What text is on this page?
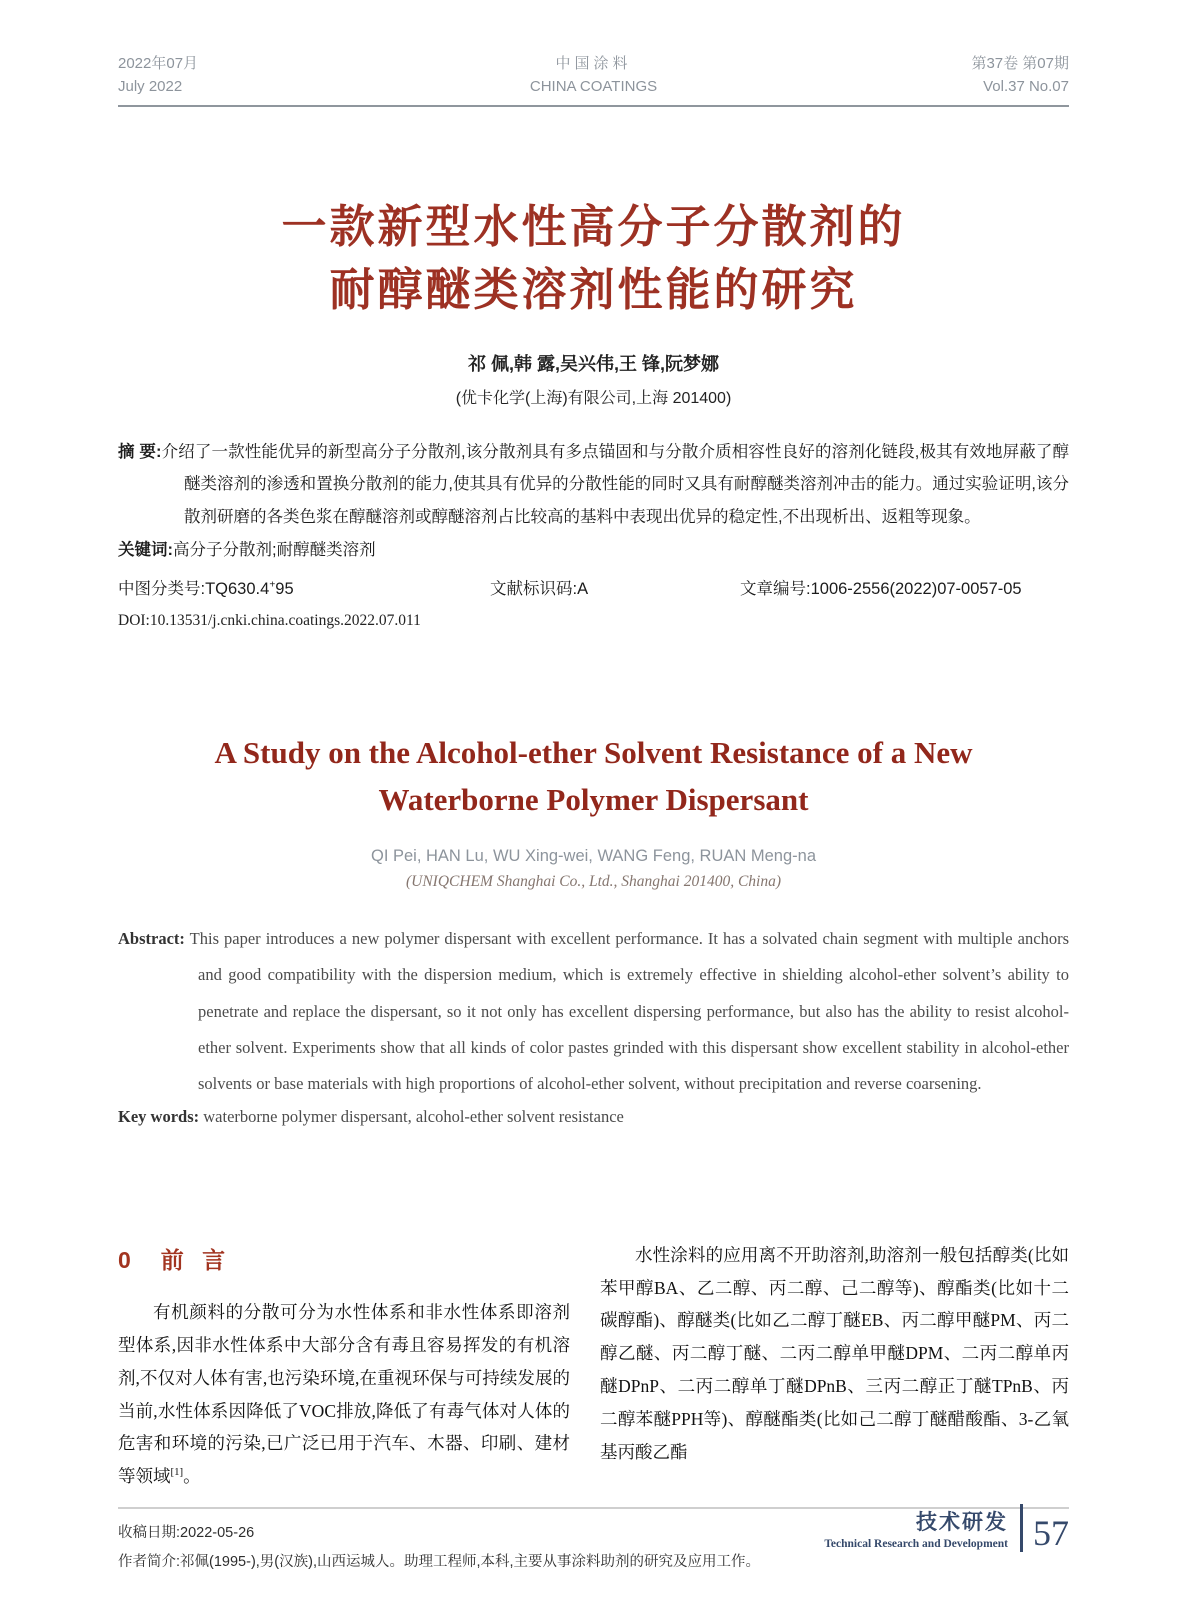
2022年07月
July 2022
中国涂料
CHINA COATINGS
第37卷 第07期
Vol.37 No.07
一款新型水性高分子分散剂的
耐醇醚类溶剂性能的研究
祁 佩,韩 露,吴兴伟,王 锋,阮梦娜
(优卡化学(上海)有限公司,上海 201400)

摘 要:介绍了一款性能优异的新型高分子分散剂,该分散剂具有多点锚固和与分散介质相容性良好的溶剂化链段,极其有效地屏蔽了醇醚类溶剂的渗透和置换分散剂的能力,使其具有优异的分散性能的同时又具有耐醇醚类溶剂冲击的能力。通过实验证明,该分散剂研磨的各类色浆在醇醚溶剂或醇醚溶剂占比较高的基料中表现出优异的稳定性,不出现析出、返粗等现象。

关键词:高分子分散剂;耐醇醚类溶剂

中图分类号:TQ630.4+95	文献标识码:A	文章编号:1006-2556(2022)07-0057-05
DOI:10.13531/j.cnki.china.coatings.2022.07.011
A Study on the Alcohol-ether Solvent Resistance of a New
Waterborne Polymer Dispersant
QI Pei, HAN Lu, WU Xing-wei, WANG Feng, RUAN Meng-na
(UNIQCHEM Shanghai Co., Ltd., Shanghai 201400, China)

Abstract: This paper introduces a new polymer dispersant with excellent performance. It has a solvated chain segment with multiple anchors and good compatibility with the dispersion medium, which is extremely effective in shielding alcohol-ether solvent’s ability to penetrate and replace the dispersant, so it not only has excellent dispersing performance, but also has the ability to resist alcohol-ether solvent. Experiments show that all kinds of color pastes grinded with this dispersant show excellent stability in alcohol-ether solvents or base materials with high proportions of alcohol-ether solvent, without precipitation and reverse coarsening.

Key words: waterborne polymer dispersant, alcohol-ether solvent resistance

0 前 言

有机颜料的分散可分为水性体系和非水性体系即溶剂型体系,因非水性体系中大部分含有毒且容易挥发的有机溶剂,不仅对人体有害,也污染环境,在重视环保与可持续发展的当前,水性体系因降低了VOC排放,降低了有毒气体对人体的危害和环境的污染,已广泛已用于汽车、木器、印刷、建材等领域[1]。

水性涂料的应用离不开助溶剂,助溶剂一般包括醇类(比如苯甲醇BA、乙二醇、丙二醇、己二醇等)、醇酯类(比如十二碳醇酯)、醇醚类(比如乙二醇丁醚EB、丙二醇甲醚PM、丙二醇乙醚、丙二醇丁醚、二丙二醇单甲醚DPM、二丙二醇单丙醚DPnP、二丙二醇单丁醚DPnB、三丙二醇正丁醚TPnB、丙二醇苯醚PPH等)、醇醚酯类(比如己二醇丁醚醋酸酯、3-乙氧基丙酸乙酯

收稿日期:2022-05-26
作者简介:祁佩(1995-),男(汉族),山西运城人。助理工程师,本科,主要从事涂料助剂的研究及应用工作。
技术研发
Technical Research and Development 57
